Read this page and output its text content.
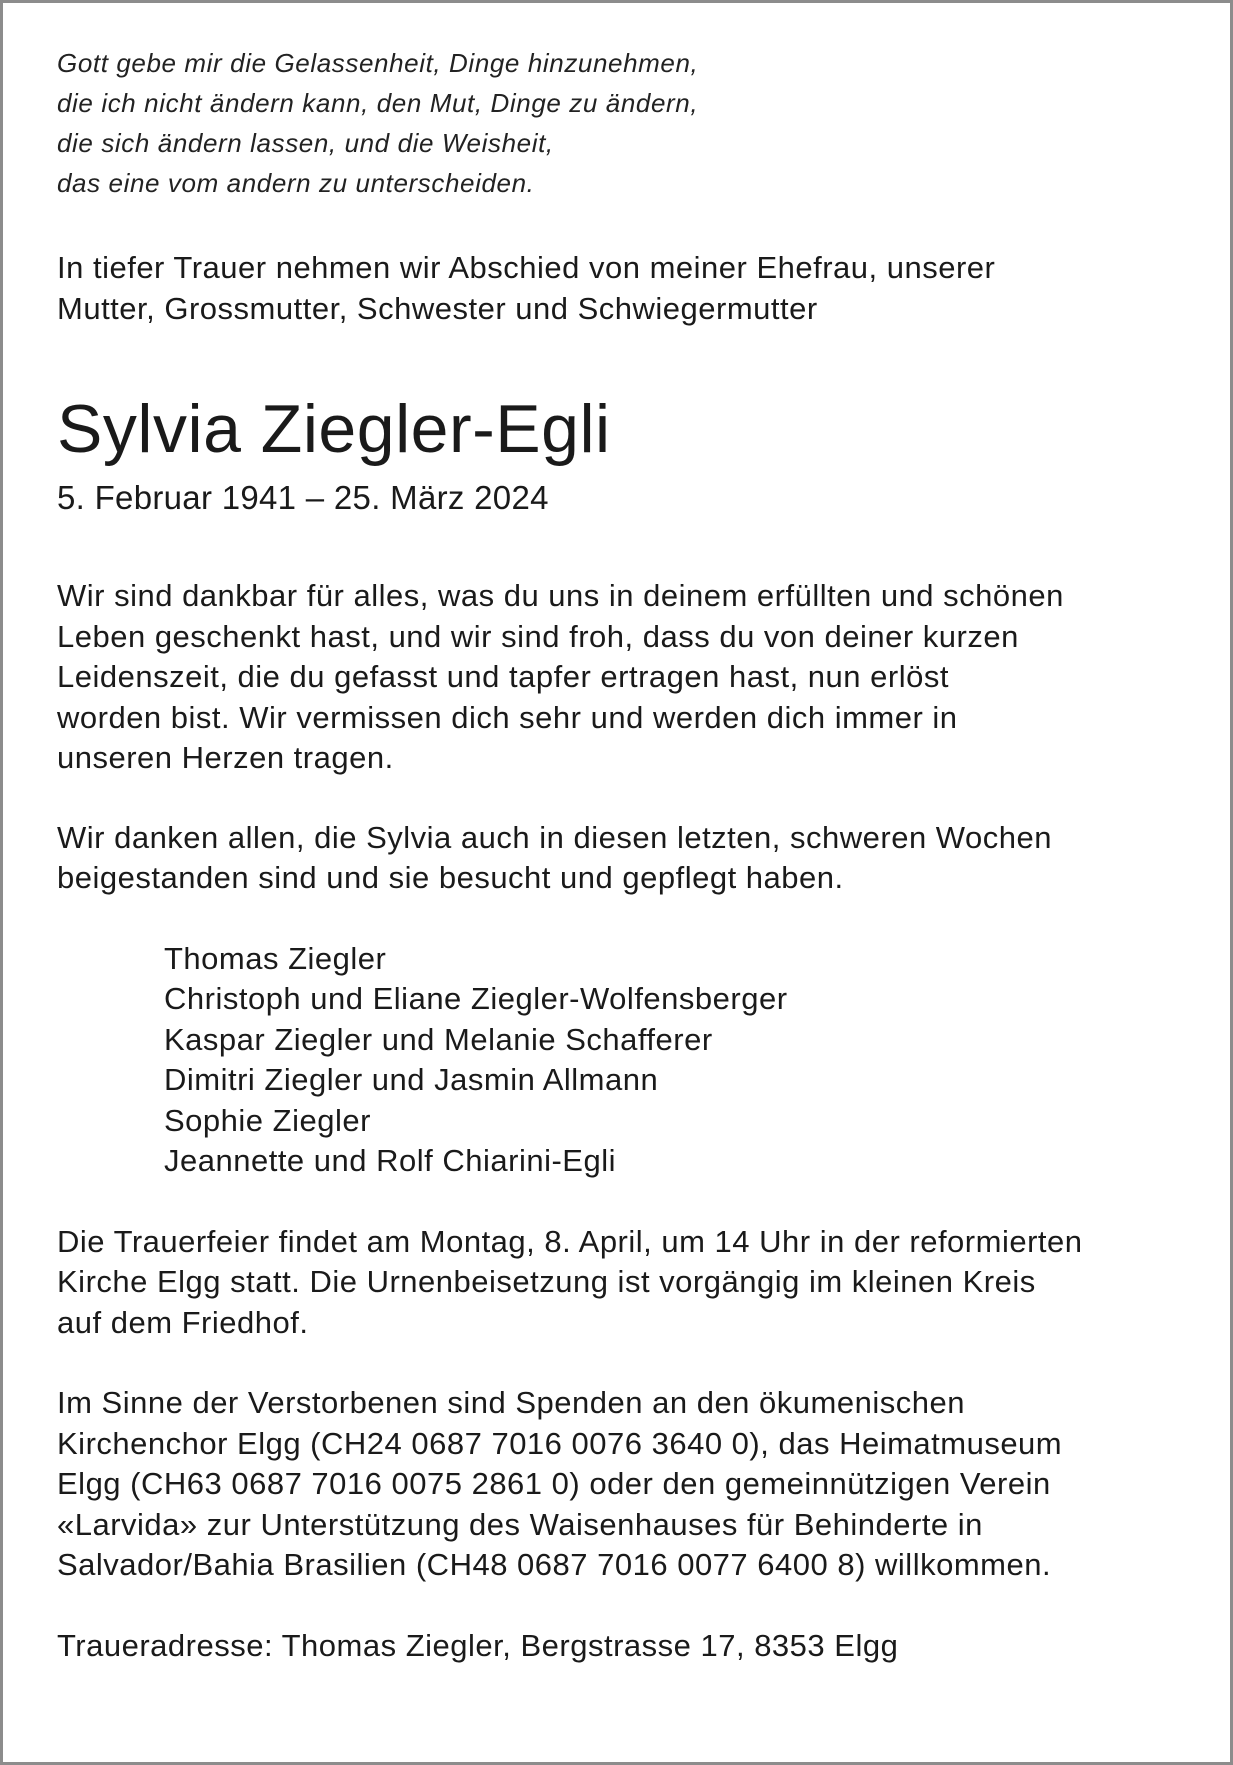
Gott gebe mir die Gelassenheit, Dinge hinzunehmen,
die ich nicht ändern kann, den Mut, Dinge zu ändern,
die sich ändern lassen, und die Weisheit,
das eine vom andern zu unterscheiden.

In tiefer Trauer nehmen wir Abschied von meiner Ehefrau, unserer
Mutter, Grossmutter, Schwester und Schwiegermutter

Sylvia Ziegler-Egli

5. Februar 1941 – 25. März 2024

Wir sind dankbar für alles, was du uns in deinem erfüllten und schönen
Leben geschenkt hast, und wir sind froh, dass du von deiner kurzen
Leidenszeit, die du gefasst und tapfer ertragen hast, nun erlöst
worden bist. Wir vermissen dich sehr und werden dich immer in
unseren Herzen tragen.

Wir danken allen, die Sylvia auch in diesen letzten, schweren Wochen
beigestanden sind und sie besucht und gepflegt haben.

Thomas Ziegler
Christoph und Eliane Ziegler-Wolfensberger
Kaspar Ziegler und Melanie Schafferer
Dimitri Ziegler und Jasmin Allmann
Sophie Ziegler
Jeannette und Rolf Chiarini-Egli

Die Trauerfeier findet am Montag, 8. April, um 14 Uhr in der reformierten
Kirche Elgg statt. Die Urnenbeisetzung ist vorgängig im kleinen Kreis
auf dem Friedhof.

Im Sinne der Verstorbenen sind Spenden an den ökumenischen
Kirchenchor Elgg (CH24 0687 7016 0076 3640 0), das Heimatmuseum
Elgg (CH63 0687 7016 0075 2861 0) oder den gemeinnützigen Verein
«Larvida» zur Unterstützung des Waisenhauses für Behinderte in
Salvador/Bahia Brasilien (CH48 0687 7016 0077 6400 8) willkommen.

Traueradresse: Thomas Ziegler, Bergstrasse 17, 8353 Elgg
